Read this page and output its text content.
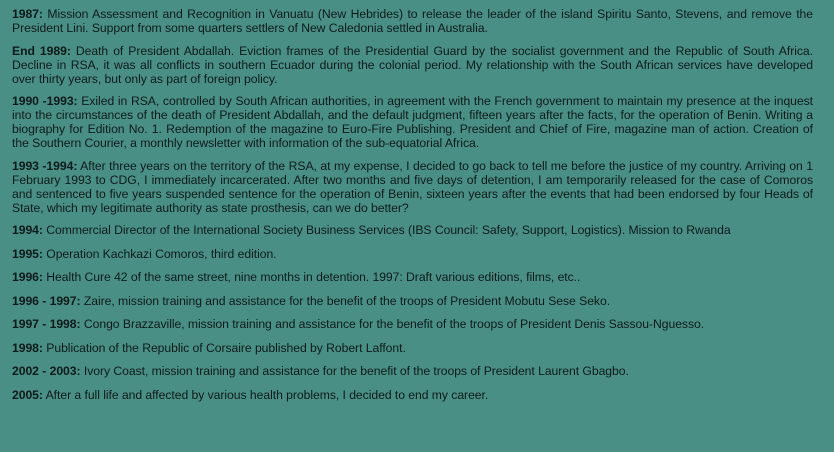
1987: Mission Assessment and Recognition in Vanuatu (New Hebrides) to release the leader of the island Spiritu Santo, Stevens, and remove the President Lini. Support from some quarters settlers of New Caledonia settled in Australia.

End 1989: Death of President Abdallah. Eviction frames of the Presidential Guard by the socialist government and the Republic of South Africa. Decline in RSA, it was all conflicts in southern Ecuador during the colonial period. My relationship with the South African services have developed over thirty years, but only as part of foreign policy.

1990 -1993: Exiled in RSA, controlled by South African authorities, in agreement with the French government to maintain my presence at the inquest into the circumstances of the death of President Abdallah, and the default judgment, fifteen years after the facts, for the operation of Benin. Writing a biography for Edition No. 1. Redemption of the magazine to Euro-Fire Publishing. President and Chief of Fire, magazine man of action. Creation of the Southern Courier, a monthly newsletter with information of the sub-equatorial Africa.

1993 -1994: After three years on the territory of the RSA, at my expense, I decided to go back to tell me before the justice of my country. Arriving on 1 February 1993 to CDG, I immediately incarcerated. After two months and five days of detention, I am temporarily released for the case of Comoros and sentenced to five years suspended sentence for the operation of Benin, sixteen years after the events that had been endorsed by four Heads of State, which my legitimate authority as state prosthesis, can we do better?

1994: Commercial Director of the International Society Business Services (IBS Council: Safety, Support, Logistics). Mission to Rwanda

1995: Operation Kachkazi Comoros, third edition.

1996: Health Cure 42 of the same street, nine months in detention. 1997: Draft various editions, films, etc..

1996 - 1997: Zaire, mission training and assistance for the benefit of the troops of President Mobutu Sese Seko.

1997 - 1998: Congo Brazzaville, mission training and assistance for the benefit of the troops of President Denis Sassou-Nguesso.

1998: Publication of the Republic of Corsaire published by Robert Laffont.

2002 - 2003: Ivory Coast, mission training and assistance for the benefit of the troops of President Laurent Gbagbo.

2005: After a full life and affected by various health problems, I decided to end my career.
